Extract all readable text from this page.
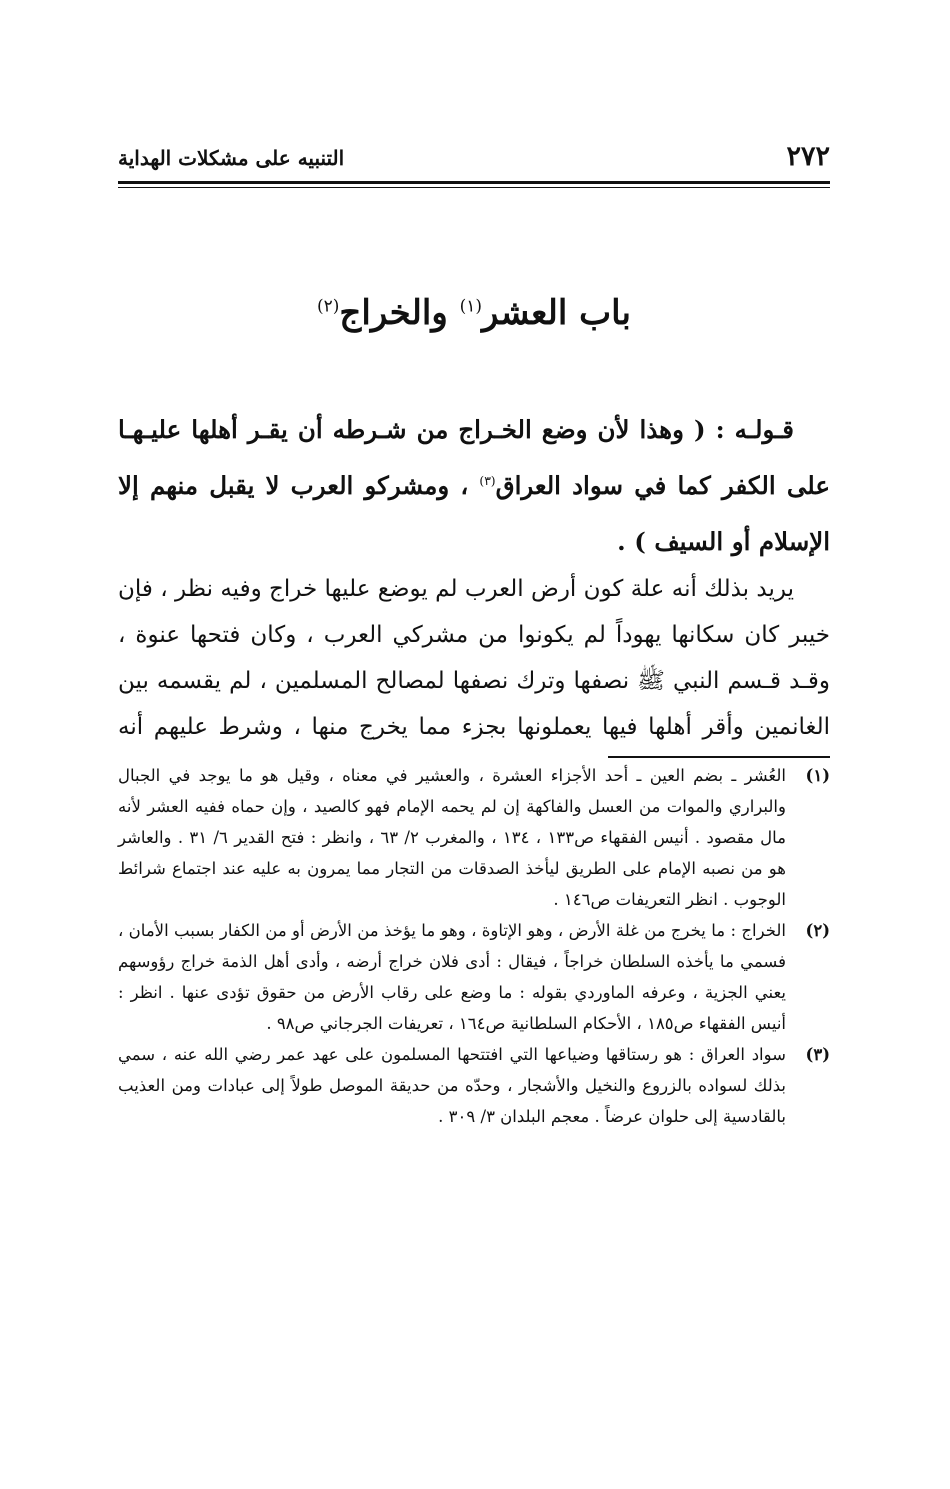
٢٧٢
التنبيه على مشكلات الهداية
باب العشر$^{(١)}$ والخراج$^{(٢)}$
قـولـه : ( وهذا لأن وضع الخـراج من شـرطه أن يقـر أهلها عليـهـا على الكفر كما في سواد العراق$^{(٣)}$ ، ومشركو العرب لا يقبل منهم إلا الإسلام أو السيف ) .
يريد بذلك أنه علة كون أرض العرب لم يوضع عليها خراج وفيه نظر ، فإن خيبر كان سكانها يهوداً لم يكونوا من مشركي العرب ، وكان فتحها عنوة ، وقـد قـسم النبي ﷺ نصفها وترك نصفها لمصالح المسلمين ، لم يقسمه بين الغانمين وأقر أهلها فيها يعملونها بجزء مما يخرج منها ، وشرط عليهم أنه
(١)
العُشر ـ بضم العين ـ أحد الأجزاء العشرة ، والعشير في معناه ، وقيل هو ما يوجد في الجبال والبراري والموات من العسل والفاكهة إن لم يحمه الإمام فهو كالصيد ، وإن حماه ففيه العشر لأنه مال مقصود . أنيس الفقهاء ص١٣٣ ، ١٣٤ ، والمغرب ٢/ ٦٣ ، وانظر : فتح القدير ٦/ ٣١ . والعاشر هو من نصبه الإمام على الطريق ليأخذ الصدقات من التجار مما يمرون به عليه عند اجتماع شرائط الوجوب . انظر التعريفات ص١٤٦ .
(٢)
الخراج : ما يخرج من غلة الأرض ، وهو الإتاوة ، وهو ما يؤخذ من الأرض أو من الكفار بسبب الأمان ، فسمي ما يأخذه السلطان خراجاً ، فيقال : أدى فلان خراج أرضه ، وأدى أهل الذمة خراج رؤوسهم يعني الجزية ، وعرفه الماوردي بقوله : ما وضع على رقاب الأرض من حقوق تؤدى عنها . انظر : أنيس الفقهاء ص١٨٥ ، الأحكام السلطانية ص١٦٤ ، تعريفات الجرجاني ص٩٨ .
(٣)
سواد العراق : هو رستاقها وضياعها التي افتتحها المسلمون على عهد عمر رضي الله عنه ، سمي بذلك لسواده بالزروع والنخيل والأشجار ، وحدّه من حديقة الموصل طولاً إلى عبادات ومن العذيب بالقادسية إلى حلوان عرضاً . معجم البلدان ٣/ ٣٠٩ .
